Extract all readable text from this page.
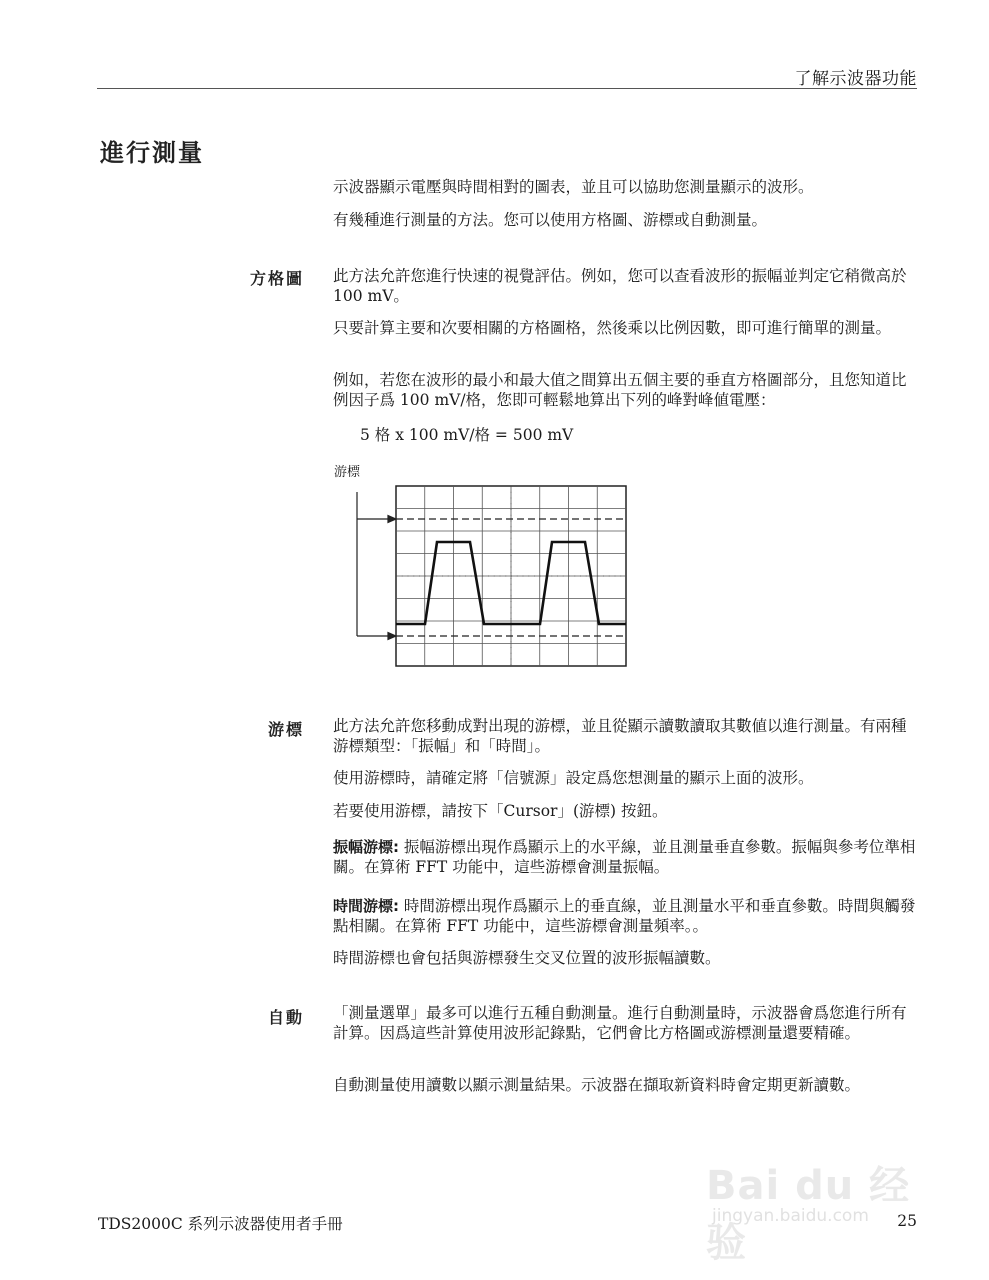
了解示波器功能
進行測量

示波器顯示電壓與時間相對的圖表，並且可以協助您測量顯示的波形。

有幾種進行測量的方法。您可以使用方格圖、游標或自動測量。

方格圖 此方法允許您進行快速的視覺評估。例如，您可以查看波形的振幅並判定它稍微高於 100 mV。

只要計算主要和次要相關的方格圖格，然後乘以比例因數，即可進行簡單的測量。

例如，若您在波形的最小和最大值之間算出五個主要的垂直方格圖部分，且您知道比例因子爲 100 mV/格，您即可輕鬆地算出下列的峰對峰値電壓：

5 格 x 100 mV/格 = 500 mV
游標
游標 此方法允許您移動成對出現的游標，並且從顯示讀數讀取其數値以進行測量。有兩種游標類型：「振幅」和「時間」。

使用游標時，請確定將「信號源」設定爲您想測量的顯示上面的波形。

若要使用游標，請按下「Cursor」(游標) 按鈕。

振幅游標: 振幅游標出現作爲顯示上的水平線，並且測量垂直參數。振幅與參考位準相關。在算術 FFT 功能中，這些游標會測量振幅。

時間游標: 時間游標出現作爲顯示上的垂直線，並且測量水平和垂直參數。時間與觸發點相關。在算術 FFT 功能中，這些游標會測量頻率。。

時間游標也會包括與游標發生交叉位置的波形振幅讀數。

自動 「測量選單」最多可以進行五種自動測量。進行自動測量時，示波器會爲您進行所有計算。因爲這些計算使用波形記錄點，它們會比方格圖或游標測量還要精確。

自動測量使用讀數以顯示測量結果。示波器在擷取新資料時會定期更新讀數。

Bai du 经验
jingyan.baidu.com
TDS2000C 系列示波器使用者手冊	25
